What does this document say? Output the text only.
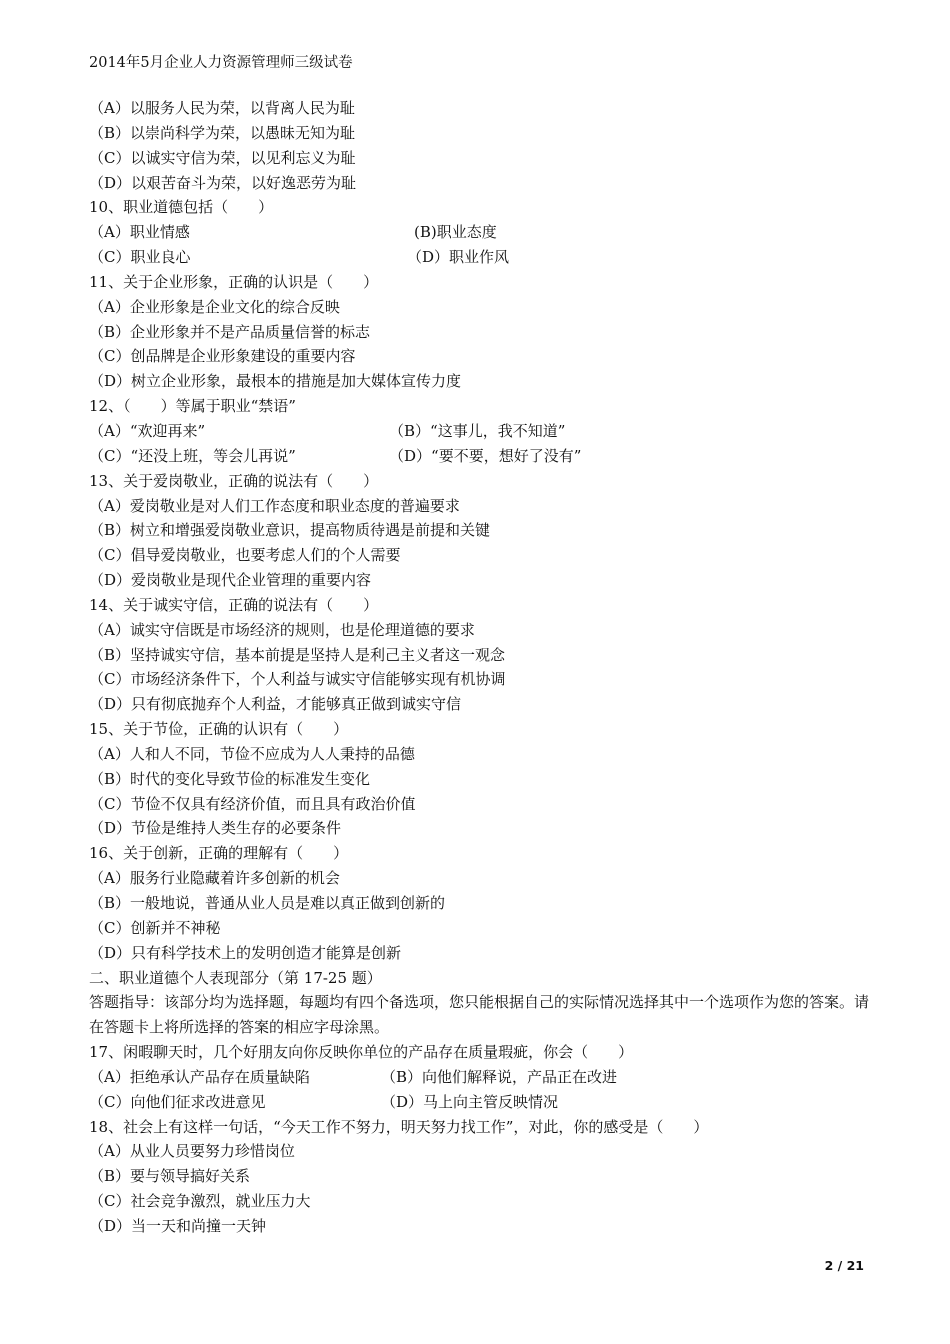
2014年5月企业人力资源管理师三级试卷
（A）以服务人民为荣，以背离人民为耻
（B）以崇尚科学为荣，以愚昧无知为耻
（C）以诚实守信为荣，以见利忘义为耻
（D）以艰苦奋斗为荣，以好逸恶劳为耻
10、职业道德包括（　　）
（A）职业情感	(B)职业态度
（C）职业良心	（D）职业作风
11、关于企业形象，正确的认识是（　　）
（A）企业形象是企业文化的综合反映
（B）企业形象并不是产品质量信誉的标志
（C）创品牌是企业形象建设的重要内容
（D）树立企业形象，最根本的措施是加大媒体宣传力度
12、（　　）等属于职业“禁语”
（A）“欢迎再来”	（B）“这事儿，我不知道”
（C）“还没上班，等会儿再说”	（D）“要不要，想好了没有”
13、关于爱岗敬业，正确的说法有（　　）
（A）爱岗敬业是对人们工作态度和职业态度的普遍要求
（B）树立和增强爱岗敬业意识，提高物质待遇是前提和关键
（C）倡导爱岗敬业，也要考虑人们的个人需要
（D）爱岗敬业是现代企业管理的重要内容
14、关于诚实守信，正确的说法有（　　）
（A）诚实守信既是市场经济的规则，也是伦理道德的要求
（B）坚持诚实守信，基本前提是坚持人是利己主义者这一观念
（C）市场经济条件下，个人利益与诚实守信能够实现有机协调
（D）只有彻底抛弃个人利益，才能够真正做到诚实守信
15、关于节俭，正确的认识有（　　）
（A）人和人不同，节俭不应成为人人秉持的品德
（B）时代的变化导致节俭的标准发生变化
（C）节俭不仅具有经济价值，而且具有政治价值
（D）节俭是维持人类生存的必要条件
16、关于创新，正确的理解有（　　）
（A）服务行业隐藏着许多创新的机会
（B）一般地说，普通从业人员是难以真正做到创新的
（C）创新并不神秘
（D）只有科学技术上的发明创造才能算是创新
二、职业道德个人表现部分（第 17-25 题）
答题指导：该部分均为选择题，每题均有四个备选项，您只能根据自己的实际情况选择其中一个选项作为您的答案。请在答题卡上将所选择的答案的相应字母涂黑。
17、闲暇聊天时，几个好朋友向你反映你单位的产品存在质量瑕疵，你会（　　）
（A）拒绝承认产品存在质量缺陷	（B）向他们解释说，产品正在改进
（C）向他们征求改进意见	（D）马上向主管反映情况
18、社会上有这样一句话，“今天工作不努力，明天努力找工作”，对此，你的感受是（　　）
（A）从业人员要努力珍惜岗位
（B）要与领导搞好关系
（C）社会竞争激烈，就业压力大
（D）当一天和尚撞一天钟
2 / 21
